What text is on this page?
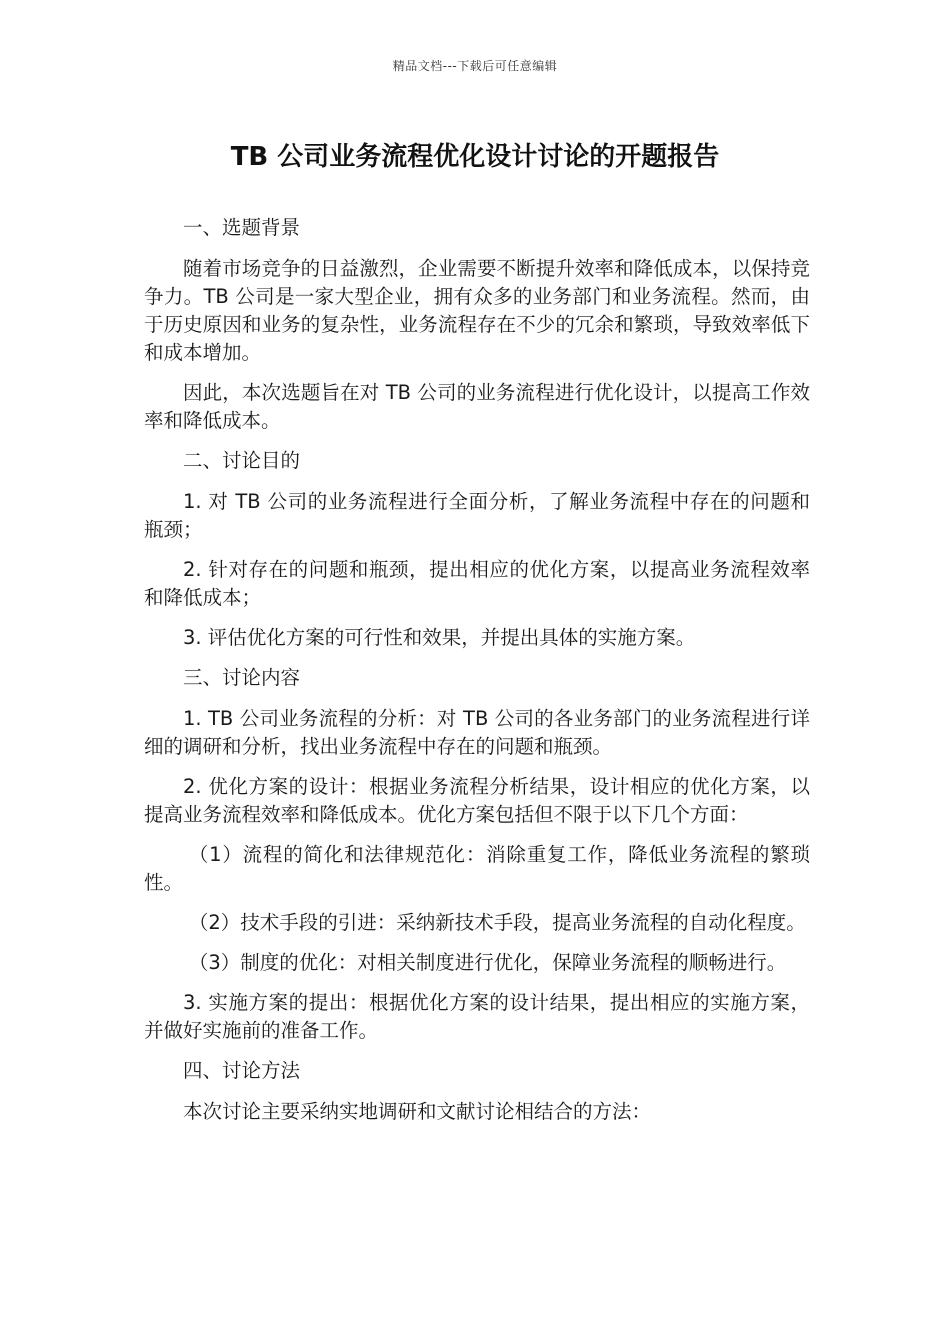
精品文档---下载后可任意编辑
TB 公司业务流程优化设计讨论的开题报告

一、选题背景

随着市场竞争的日益激烈，企业需要不断提升效率和降低成本，以保持竞争力。TB 公司是一家大型企业，拥有众多的业务部门和业务流程。然而，由于历史原因和业务的复杂性，业务流程存在不少的冗余和繁琐，导致效率低下和成本增加。

因此，本次选题旨在对 TB 公司的业务流程进行优化设计，以提高工作效率和降低成本。

二、讨论目的

1. 对 TB 公司的业务流程进行全面分析，了解业务流程中存在的问题和瓶颈；

2. 针对存在的问题和瓶颈，提出相应的优化方案，以提高业务流程效率和降低成本；

3. 评估优化方案的可行性和效果，并提出具体的实施方案。

三、讨论内容

1. TB 公司业务流程的分析：对 TB 公司的各业务部门的业务流程进行详细的调研和分析，找出业务流程中存在的问题和瓶颈。

2. 优化方案的设计：根据业务流程分析结果，设计相应的优化方案，以提高业务流程效率和降低成本。优化方案包括但不限于以下几个方面：

（1）流程的简化和法律规范化：消除重复工作，降低业务流程的繁琐性。

（2）技术手段的引进：采纳新技术手段，提高业务流程的自动化程度。

（3）制度的优化：对相关制度进行优化，保障业务流程的顺畅进行。

3. 实施方案的提出：根据优化方案的设计结果，提出相应的实施方案，并做好实施前的准备工作。

四、讨论方法

本次讨论主要采纳实地调研和文献讨论相结合的方法：
